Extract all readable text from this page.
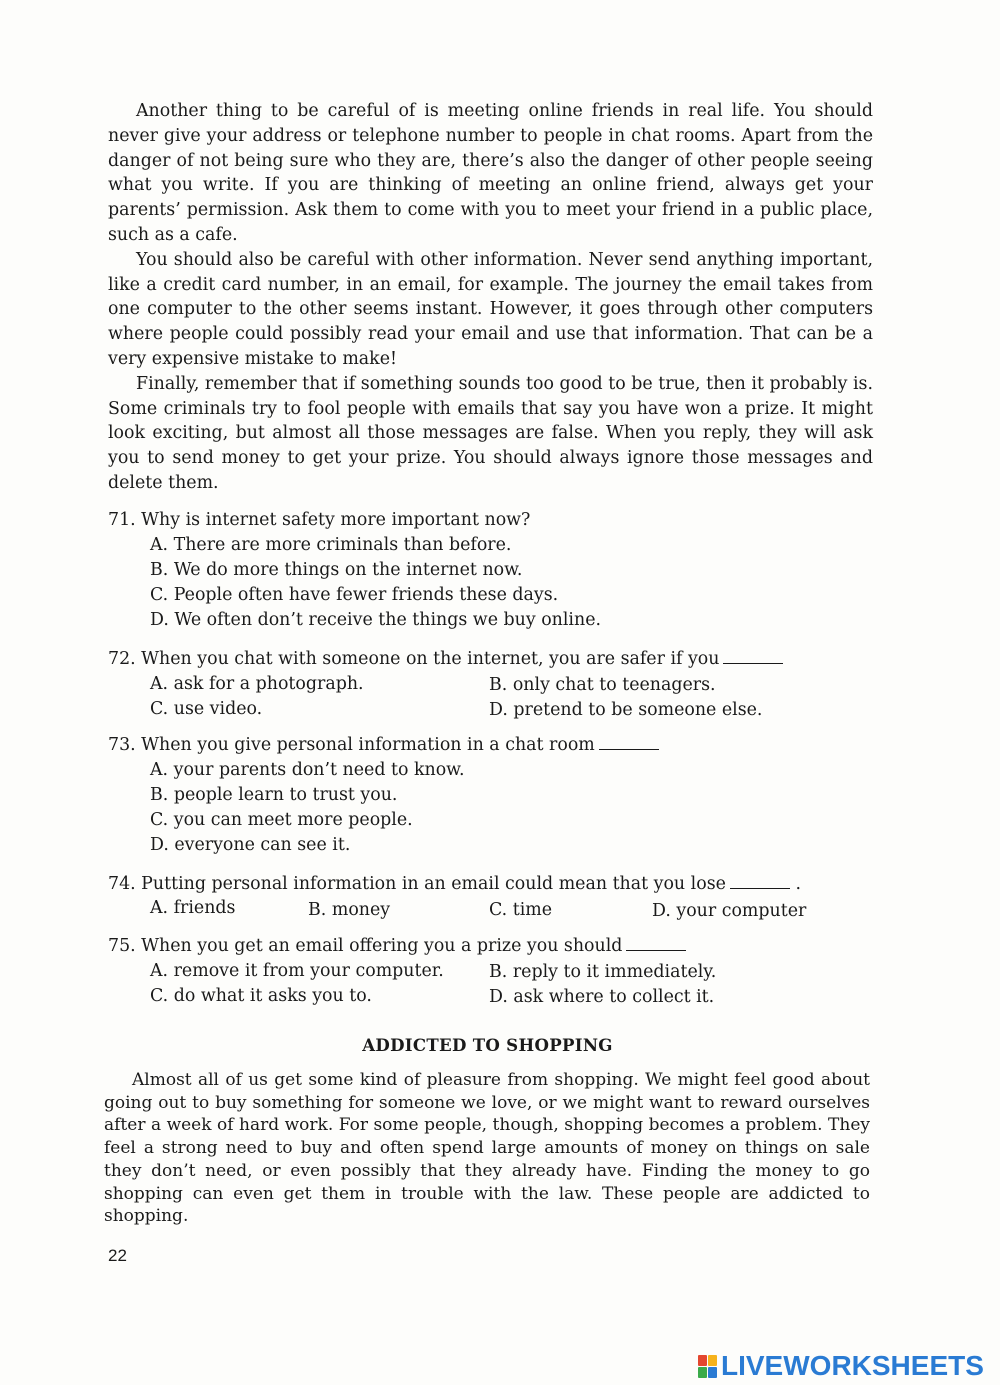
Another thing to be careful of is meeting online friends in real life. You should never give your address or telephone number to people in chat rooms. Apart from the danger of not being sure who they are, there’s also the danger of other people seeing what you write. If you are thinking of meeting an online friend, always get your parents’ permission. Ask them to come with you to meet your friend in a public place, such as a cafe.

You should also be careful with other information. Never send anything important, like a credit card number, in an email, for example. The journey the email takes from one computer to the other seems instant. However, it goes through other computers where people could possibly read your email and use that information. That can be a very expensive mistake to make!

Finally, remember that if something sounds too good to be true, then it probably is. Some criminals try to fool people with emails that say you have won a prize. It might look exciting, but almost all those messages are false. When you reply, they will ask you to send money to get your prize. You should always ignore those messages and delete them.

71. Why is internet safety more important now?
A. There are more criminals than before.
B. We do more things on the internet now.
C. People often have fewer friends these days.
D. We often don’t receive the things we buy online.
72. When you chat with someone on the internet, you are safer if you
A. ask for a photograph.	B. only chat to teenagers.
C. use video.	D. pretend to be someone else.
73. When you give personal information in a chat room
A. your parents don’t need to know.
B. people learn to trust you.
C. you can meet more people.
D. everyone can see it.
74. Putting personal information in an email could mean that you lose	.
A. friends	B. money	C. time	D. your computer
75. When you get an email offering you a prize you should
A. remove it from your computer.	B. reply to it immediately.
C. do what it asks you to.	D. ask where to collect it.
ADDICTED TO SHOPPING

Almost all of us get some kind of pleasure from shopping. We might feel good about going out to buy something for someone we love, or we might want to reward ourselves after a week of hard work. For some people, though, shopping becomes a problem. They feel a strong need to buy and often spend large amounts of money on things on sale they don’t need, or even possibly that they already have. Finding the money to go shopping can even get them in trouble with the law. These people are addicted to shopping.

22
LIVEWORKSHEETS
